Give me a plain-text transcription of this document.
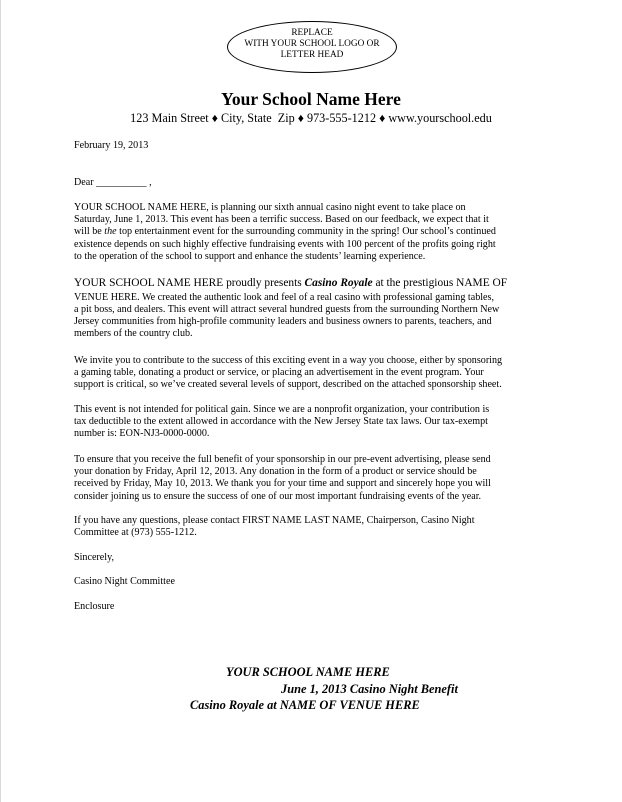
REPLACE
WITH YOUR SCHOOL LOGO OR
LETTER HEAD
Your School Name Here
123 Main Street ♦ City, State  Zip ♦ 973-555-1212 ♦ www.yourschool.edu
February 19, 2013
Dear __________ ,
YOUR SCHOOL NAME HERE, is planning our sixth annual casino night event to take place on
Saturday, June 1, 2013. This event has been a terrific success. Based on our feedback, we expect that it
will be the top entertainment event for the surrounding community in the spring! Our school’s continued
existence depends on such highly effective fundraising events with 100 percent of the profits going right
to the operation of the school to support and enhance the students’ learning experience.
YOUR SCHOOL NAME HERE proudly presents Casino Royale at the prestigious NAME OF
VENUE HERE. We created the authentic look and feel of a real casino with professional gaming tables,
a pit boss, and dealers. This event will attract several hundred guests from the surrounding Northern New
Jersey communities from high-profile community leaders and business owners to parents, teachers, and
members of the country club.
We invite you to contribute to the success of this exciting event in a way you choose, either by sponsoring
a gaming table, donating a product or service, or placing an advertisement in the event program. Your
support is critical, so we’ve created several levels of support, described on the attached sponsorship sheet.
This event is not intended for political gain. Since we are a nonprofit organization, your contribution is
tax deductible to the extent allowed in accordance with the New Jersey State tax laws. Our tax-exempt
number is: EON-NJ3-0000-0000.
To ensure that you receive the full benefit of your sponsorship in our pre-event advertising, please send
your donation by Friday, April 12, 2013. Any donation in the form of a product or service should be
received by Friday, May 10, 2013. We thank you for your time and support and sincerely hope you will
consider joining us to ensure the success of one of our most important fundraising events of the year.
If you have any questions, please contact FIRST NAME LAST NAME, Chairperson, Casino Night
Committee at (973) 555-1212.
Sincerely,
Casino Night Committee
Enclosure
YOUR SCHOOL NAME HERE
June 1, 2013 Casino Night Benefit
Casino Royale at NAME OF VENUE HERE
